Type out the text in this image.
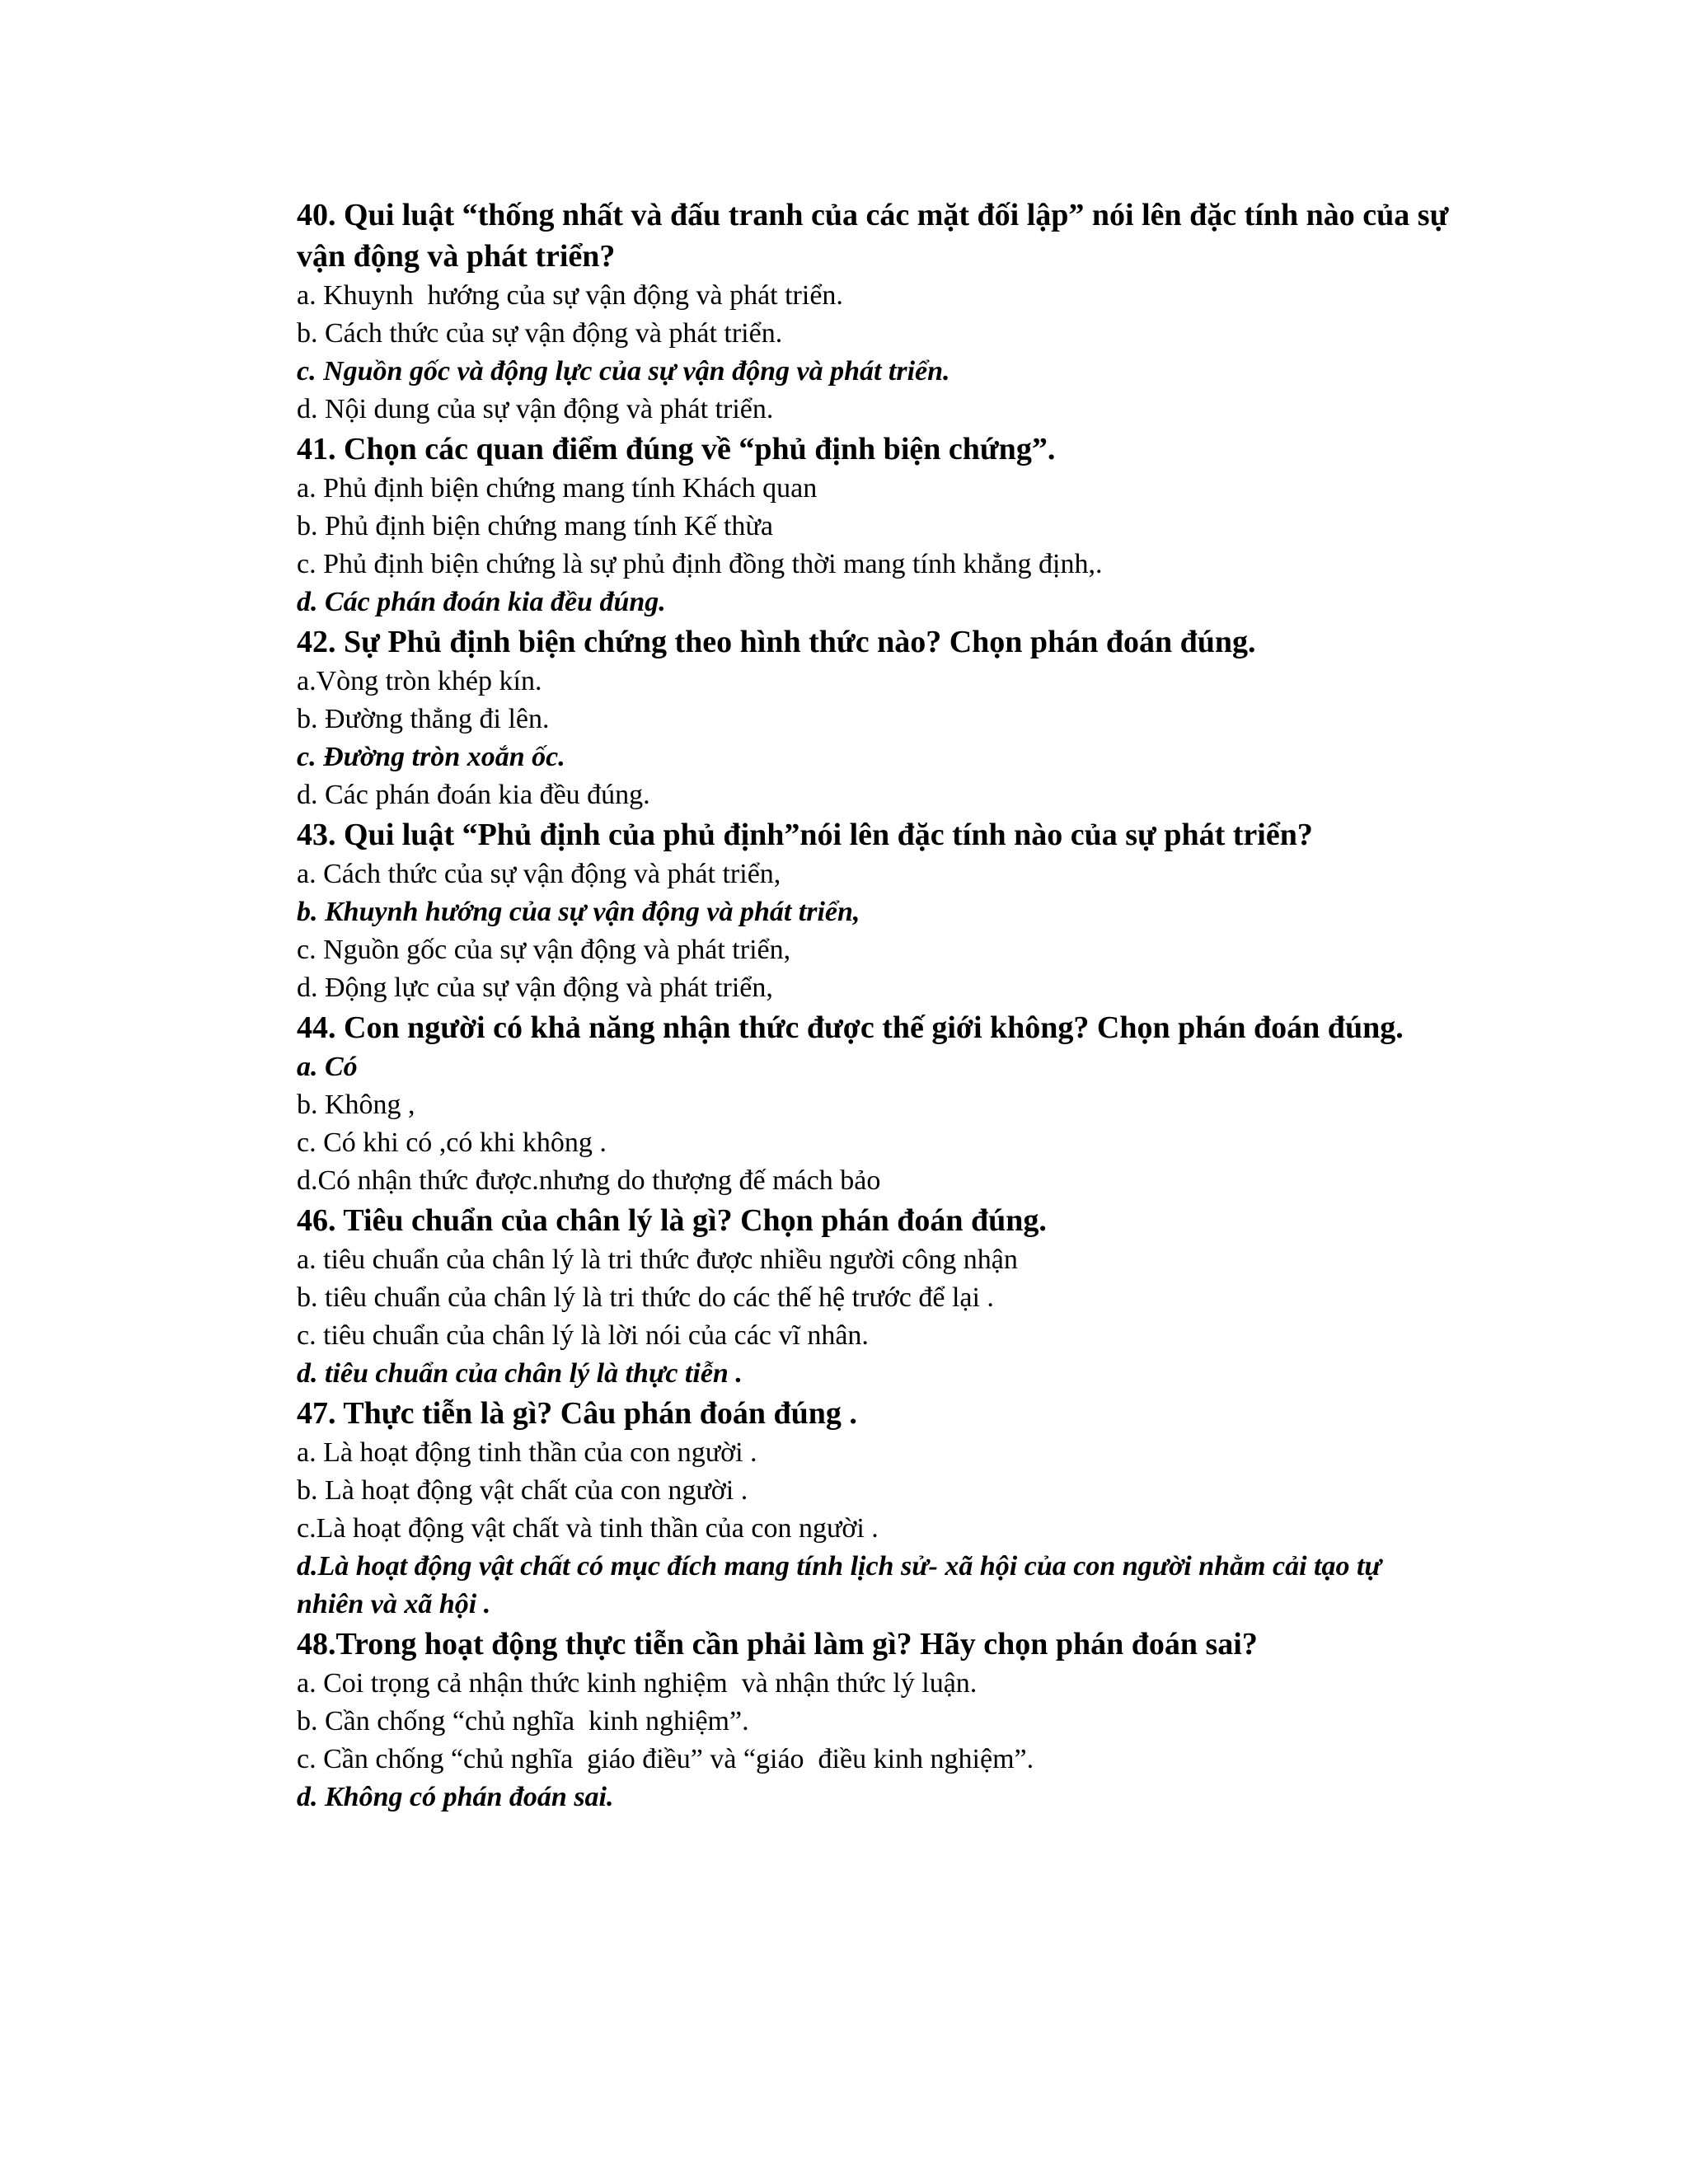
40. Qui luật “thống nhất và đấu tranh của các mặt đối lập” nói lên đặc tính nào của sự vận động và phát triển?

a. Khuynh  hướng của sự vận động và phát triển.

b. Cách thức của sự vận động và phát triển.

c. Nguồn gốc và động lực của sự vận động và phát triển.

d. Nội dung của sự vận động và phát triển.

41. Chọn các quan điểm đúng về “phủ định biện chứng”.

a. Phủ định biện chứng mang tính Khách quan

b. Phủ định biện chứng mang tính Kế thừa

c. Phủ định biện chứng là sự phủ định đồng thời mang tính khẳng định,.

d. Các phán đoán kia đều đúng.

42. Sự Phủ định biện chứng theo hình thức nào? Chọn phán đoán đúng.

a.Vòng tròn khép kín.

b. Đường thẳng đi lên.

c. Đường tròn xoắn ốc.

d. Các phán đoán kia đều đúng.

43. Qui luật “Phủ định của phủ định”nói lên đặc tính nào của sự phát triển?

a. Cách thức của sự vận động và phát triển,

b. Khuynh hướng của sự vận động và phát triển,

c. Nguồn gốc của sự vận động và phát triển,

d. Động lực của sự vận động và phát triển,

44. Con người có khả năng nhận thức được thế giới không? Chọn phán đoán đúng.

a. Có

b. Không ,

c. Có khi có ,có khi không .

d.Có nhận thức được.nhưng do thượng đế mách bảo

46. Tiêu chuẩn của chân lý là gì? Chọn phán đoán đúng.

a. tiêu chuẩn của chân lý là tri thức được nhiều người công nhận

b. tiêu chuẩn của chân lý là tri thức do các thế hệ trước để lại .

c. tiêu chuẩn của chân lý là lời nói của các vĩ nhân.

d. tiêu chuẩn của chân lý là thực tiễn .

47. Thực tiễn là gì? Câu phán đoán đúng .

a. Là hoạt động tinh thần của con người .

b. Là hoạt động vật chất của con người .

c.Là hoạt động vật chất và tinh thần của con người .

d.Là hoạt động vật chất có mục đích mang tính lịch sử- xã hội của con người nhằm cải tạo tự nhiên và xã hội .

48.Trong hoạt động thực tiễn cần phải làm gì? Hãy chọn phán đoán sai?

a. Coi trọng cả nhận thức kinh nghiệm  và nhận thức lý luận.

b. Cần chống “chủ nghĩa  kinh nghiệm”.

c. Cần chống “chủ nghĩa  giáo điều” và “giáo  điều kinh nghiệm”.

d. Không có phán đoán sai.
